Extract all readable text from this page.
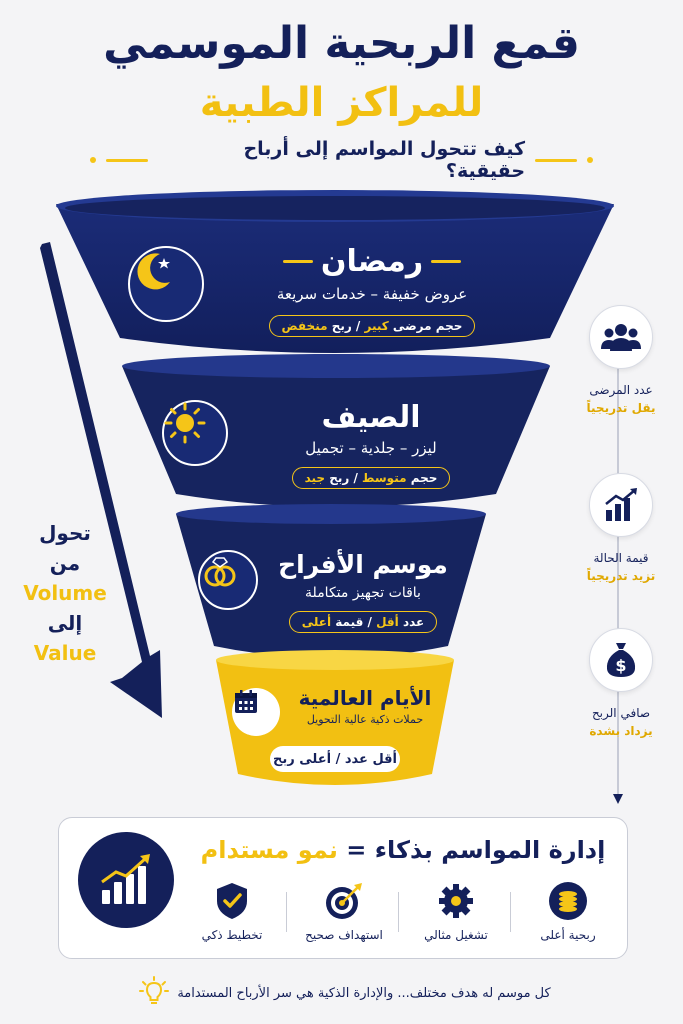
قمع الربحية الموسمي
للمراكز الطبية
كيف تتحول المواسم إلى أرباح حقيقية؟
رمضان
عروض خفيفة – خدمات سريعة
حجم مرضى كبير / ربح منخفض
الصيف
ليزر – جلدية – تجميل
حجم متوسط / ربح جيد
موسم الأفراح
باقات تجهيز متكاملة
عدد أقل / قيمة أعلى
الأيام العالمية
حملات ذكية عالية التحويل
أقل عدد / أعلى ربح
تحول
من
Volume
إلى
Value
عدد المرضى
يقل تدريجياً
قيمة الحالة
تزيد تدريجياً
$
صافي الربح
يزداد بشدة
إدارة المواسم بذكاء = نمو مستدام
ربحية أعلى
تشغيل مثالي
استهداف صحيح
تخطيط ذكي
كل موسم له هدف مختلف... والإدارة الذكية هي سر الأرباح المستدامة
